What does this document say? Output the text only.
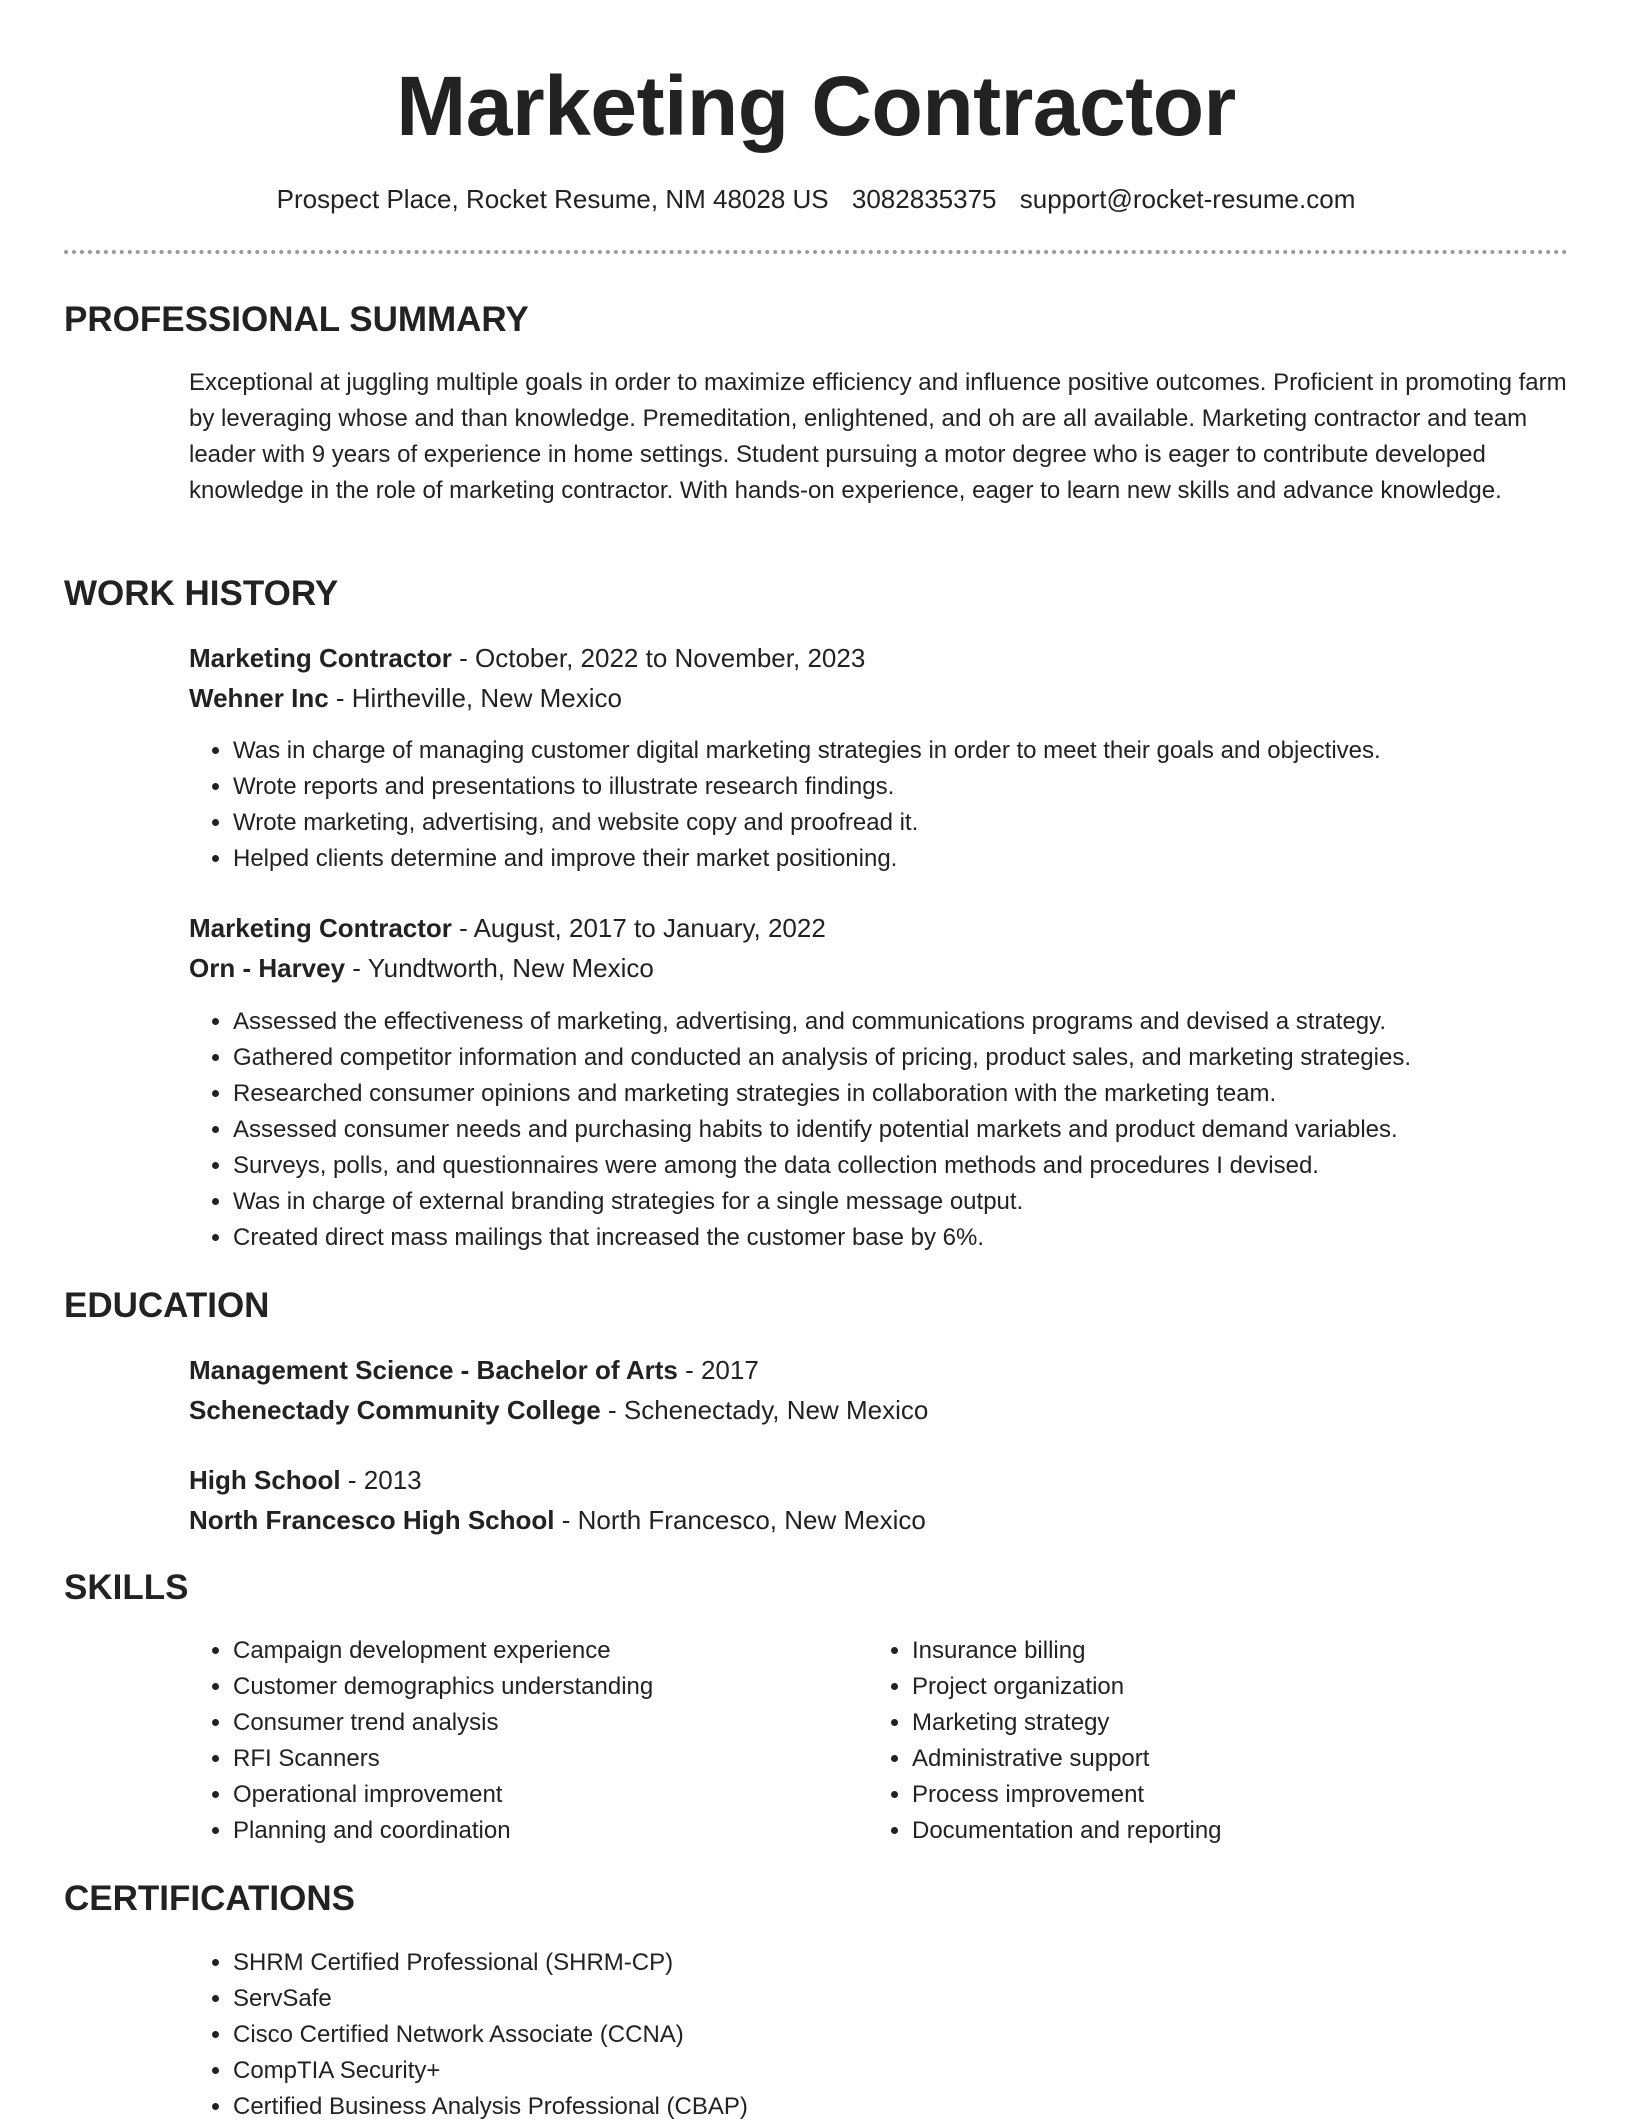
Marketing Contractor
Prospect Place, Rocket Resume, NM 48028 US 3082835375 support@rocket-resume.com
PROFESSIONAL SUMMARY

Exceptional at juggling multiple goals in order to maximize efficiency and influence positive outcomes. Proficient in promoting farm by leveraging whose and than knowledge. Premeditation, enlightened, and oh are all available. Marketing contractor and team leader with 9 years of experience in home settings. Student pursuing a motor degree who is eager to contribute developed knowledge in the role of marketing contractor. With hands-on experience, eager to learn new skills and advance knowledge.

WORK HISTORY
Marketing Contractor - October, 2022 to November, 2023
Wehner Inc - Hirtheville, New Mexico
• Was in charge of managing customer digital marketing strategies in order to meet their goals and objectives.
• Wrote reports and presentations to illustrate research findings.
• Wrote marketing, advertising, and website copy and proofread it.
• Helped clients determine and improve their market positioning.
Marketing Contractor - August, 2017 to January, 2022
Orn - Harvey - Yundtworth, New Mexico
• Assessed the effectiveness of marketing, advertising, and communications programs and devised a strategy.
• Gathered competitor information and conducted an analysis of pricing, product sales, and marketing strategies.
• Researched consumer opinions and marketing strategies in collaboration with the marketing team.
• Assessed consumer needs and purchasing habits to identify potential markets and product demand variables.
• Surveys, polls, and questionnaires were among the data collection methods and procedures I devised.
• Was in charge of external branding strategies for a single message output.
• Created direct mass mailings that increased the customer base by 6%.
EDUCATION
Management Science - Bachelor of Arts - 2017
Schenectady Community College - Schenectady, New Mexico
High School - 2013
North Francesco High School - North Francesco, New Mexico
SKILLS
• Campaign development experience
• Customer demographics understanding
• Consumer trend analysis
• RFI Scanners
• Operational improvement
• Planning and coordination
• Insurance billing
• Project organization
• Marketing strategy
• Administrative support
• Process improvement
• Documentation and reporting
CERTIFICATIONS
• SHRM Certified Professional (SHRM-CP)
• ServSafe
• Cisco Certified Network Associate (CCNA)
• CompTIA Security+
• Certified Business Analysis Professional (CBAP)
